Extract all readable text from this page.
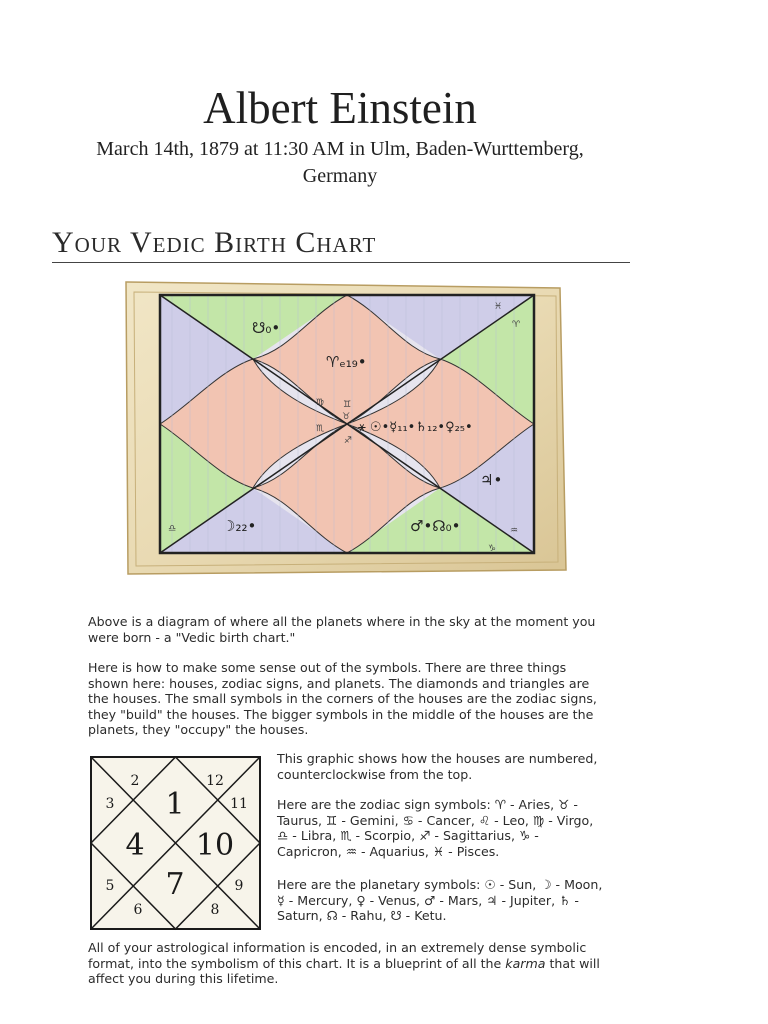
Albert Einstein
March 14th, 1879 at 11:30 AM in Ulm, Baden-Wurttemberg,
Germany
Your Vedic Birth Chart
♉
♈
♓
♒
♑
♐
♏
♎
♍ ♊
☋₀•
♈ₑ₁₉•
⚹ ☉•☿₁₁•♄₁₂•♀₂₅•
♃•
♂•☊₀•
☽₂₂•
Above is a diagram of where all the planets where in the sky at the moment you were born - a "Vedic birth chart."
Here is how to make some sense out of the symbols. There are three things shown here: houses, zodiac signs, and planets. The diamonds and triangles are the houses. The small symbols in the corners of the houses are the zodiac signs, they "build" the houses. The bigger symbols in the middle of the houses are the planets, they "occupy" the houses.
1
2
3
4
5
6
7
8
9
10
11
12
This graphic shows how the houses are numbered, counterclockwise from the top.
Here are the zodiac sign symbols: ♈ - Aries, ♉ - Taurus, ♊ - Gemini, ♋ - Cancer, ♌ - Leo, ♍ - Virgo, ♎ - Libra, ♏ - Scorpio, ♐ - Sagittarius, ♑ - Capricron, ♒ - Aquarius, ♓ - Pisces.
Here are the planetary symbols: ☉ - Sun, ☽ - Moon, ☿ - Mercury, ♀ - Venus, ♂ - Mars, ♃ - Jupiter, ♄ - Saturn, ☊ - Rahu, ☋ - Ketu.
All of your astrological information is encoded, in an extremely dense symbolic format, into the symbolism of this chart. It is a blueprint of all the karma that will affect you during this lifetime.
